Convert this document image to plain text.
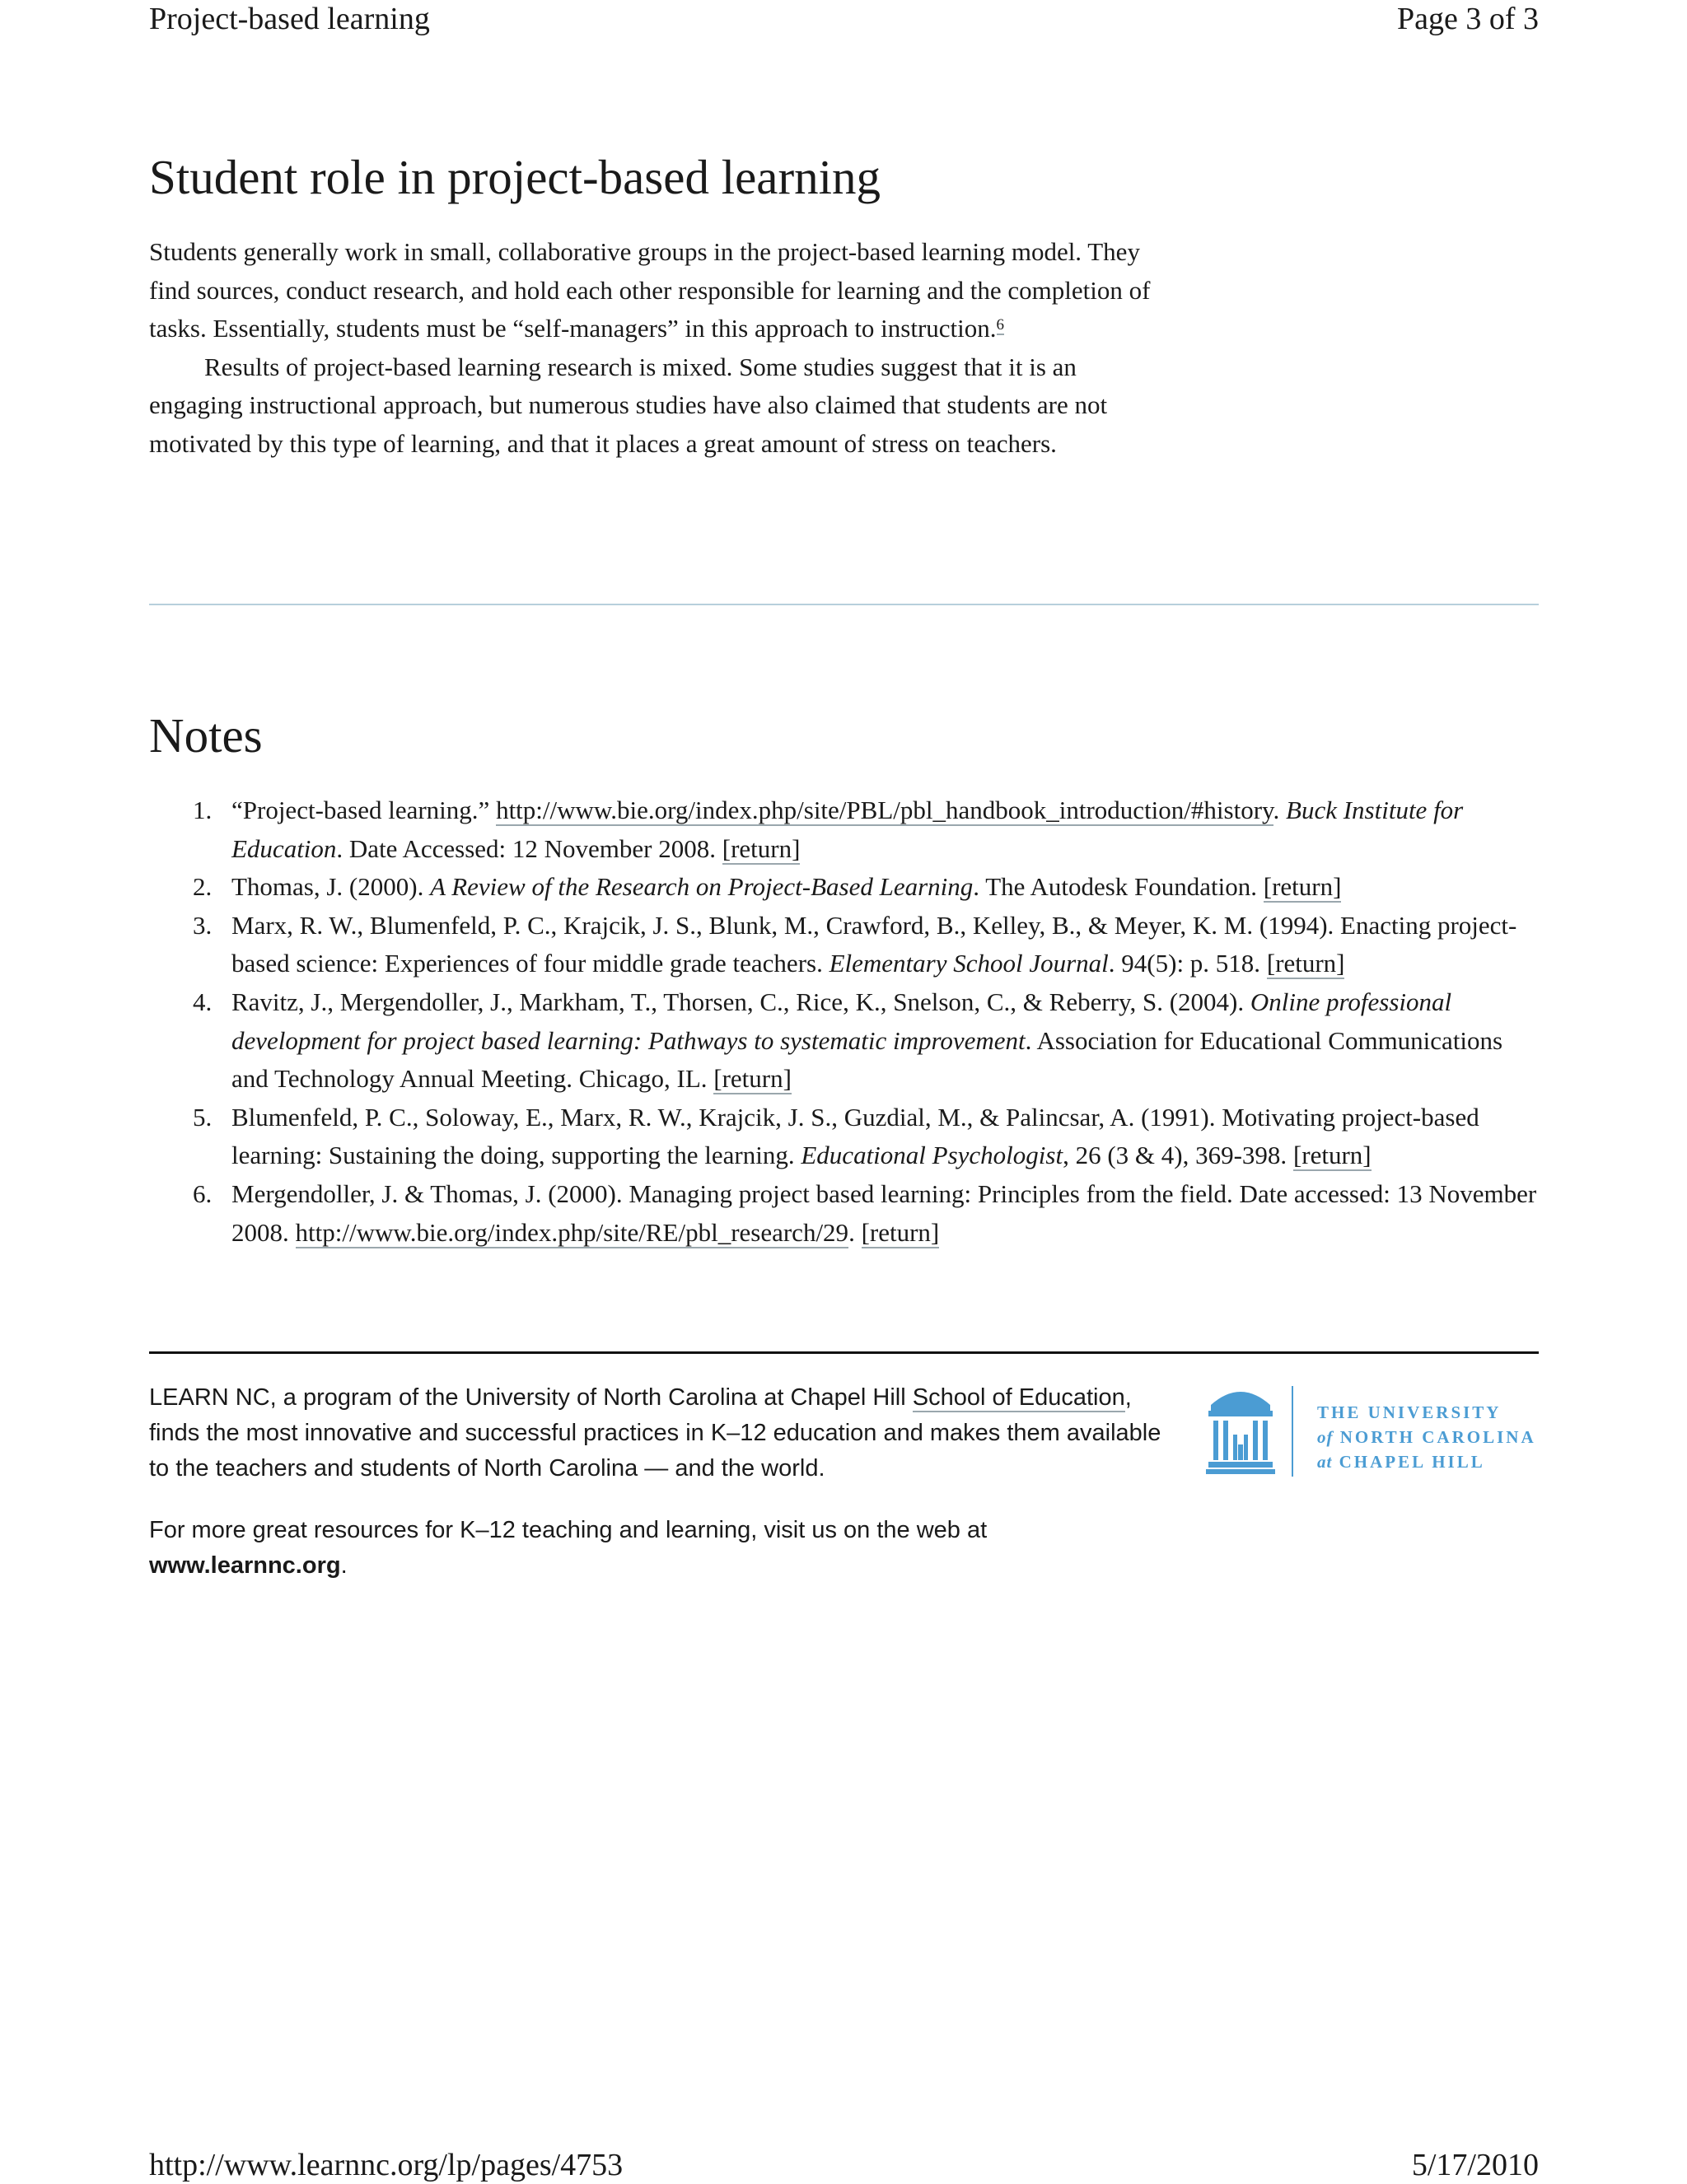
Project-based learning	Page 3 of 3
Student role in project-based learning

Students generally work in small, collaborative groups in the project-based learning model. They find sources, conduct research, and hold each other responsible for learning and the completion of tasks. Essentially, students must be “self-managers” in this approach to instruction.$^6$

Results of project-based learning research is mixed. Some studies suggest that it is an engaging instructional approach, but numerous studies have also claimed that students are not motivated by this type of learning, and that it places a great amount of stress on teachers.

Notes
1. “Project-based learning.” http://www.bie.org/index.php/site/PBL/pbl_handbook_introduction/#history. Buck Institute for Education. Date Accessed: 12 November 2008. [return]
2. Thomas, J. (2000). A Review of the Research on Project-Based Learning. The Autodesk Foundation. [return]
3. Marx, R. W., Blumenfeld, P. C., Krajcik, J. S., Blunk, M., Crawford, B., Kelley, B., & Meyer, K. M. (1994). Enacting project-based science: Experiences of four middle grade teachers. Elementary School Journal. 94(5): p. 518. [return]
4. Ravitz, J., Mergendoller, J., Markham, T., Thorsen, C., Rice, K., Snelson, C., & Reberry, S. (2004). Online professional development for project based learning: Pathways to systematic improvement. Association for Educational Communications and Technology Annual Meeting. Chicago, IL. [return]
5. Blumenfeld, P. C., Soloway, E., Marx, R. W., Krajcik, J. S., Guzdial, M., & Palincsar, A. (1991). Motivating project-based learning: Sustaining the doing, supporting the learning. Educational Psychologist, 26 (3 & 4), 369-398. [return]
6. Mergendoller, J. & Thomas, J. (2000). Managing project based learning: Principles from the field. Date accessed: 13 November 2008. http://www.bie.org/index.php/site/RE/pbl_research/29. [return]

LEARN NC, a program of the University of North Carolina at Chapel Hill School of Education, finds the most innovative and successful practices in K–12 education and makes them available to the teachers and students of North Carolina — and the world.

For more great resources for K–12 teaching and learning, visit us on the web at www.learnnc.org.

THE UNIVERSITY
of NORTH CAROLINA
at CHAPEL HILL
http://www.learnnc.org/lp/pages/4753	5/17/2010
